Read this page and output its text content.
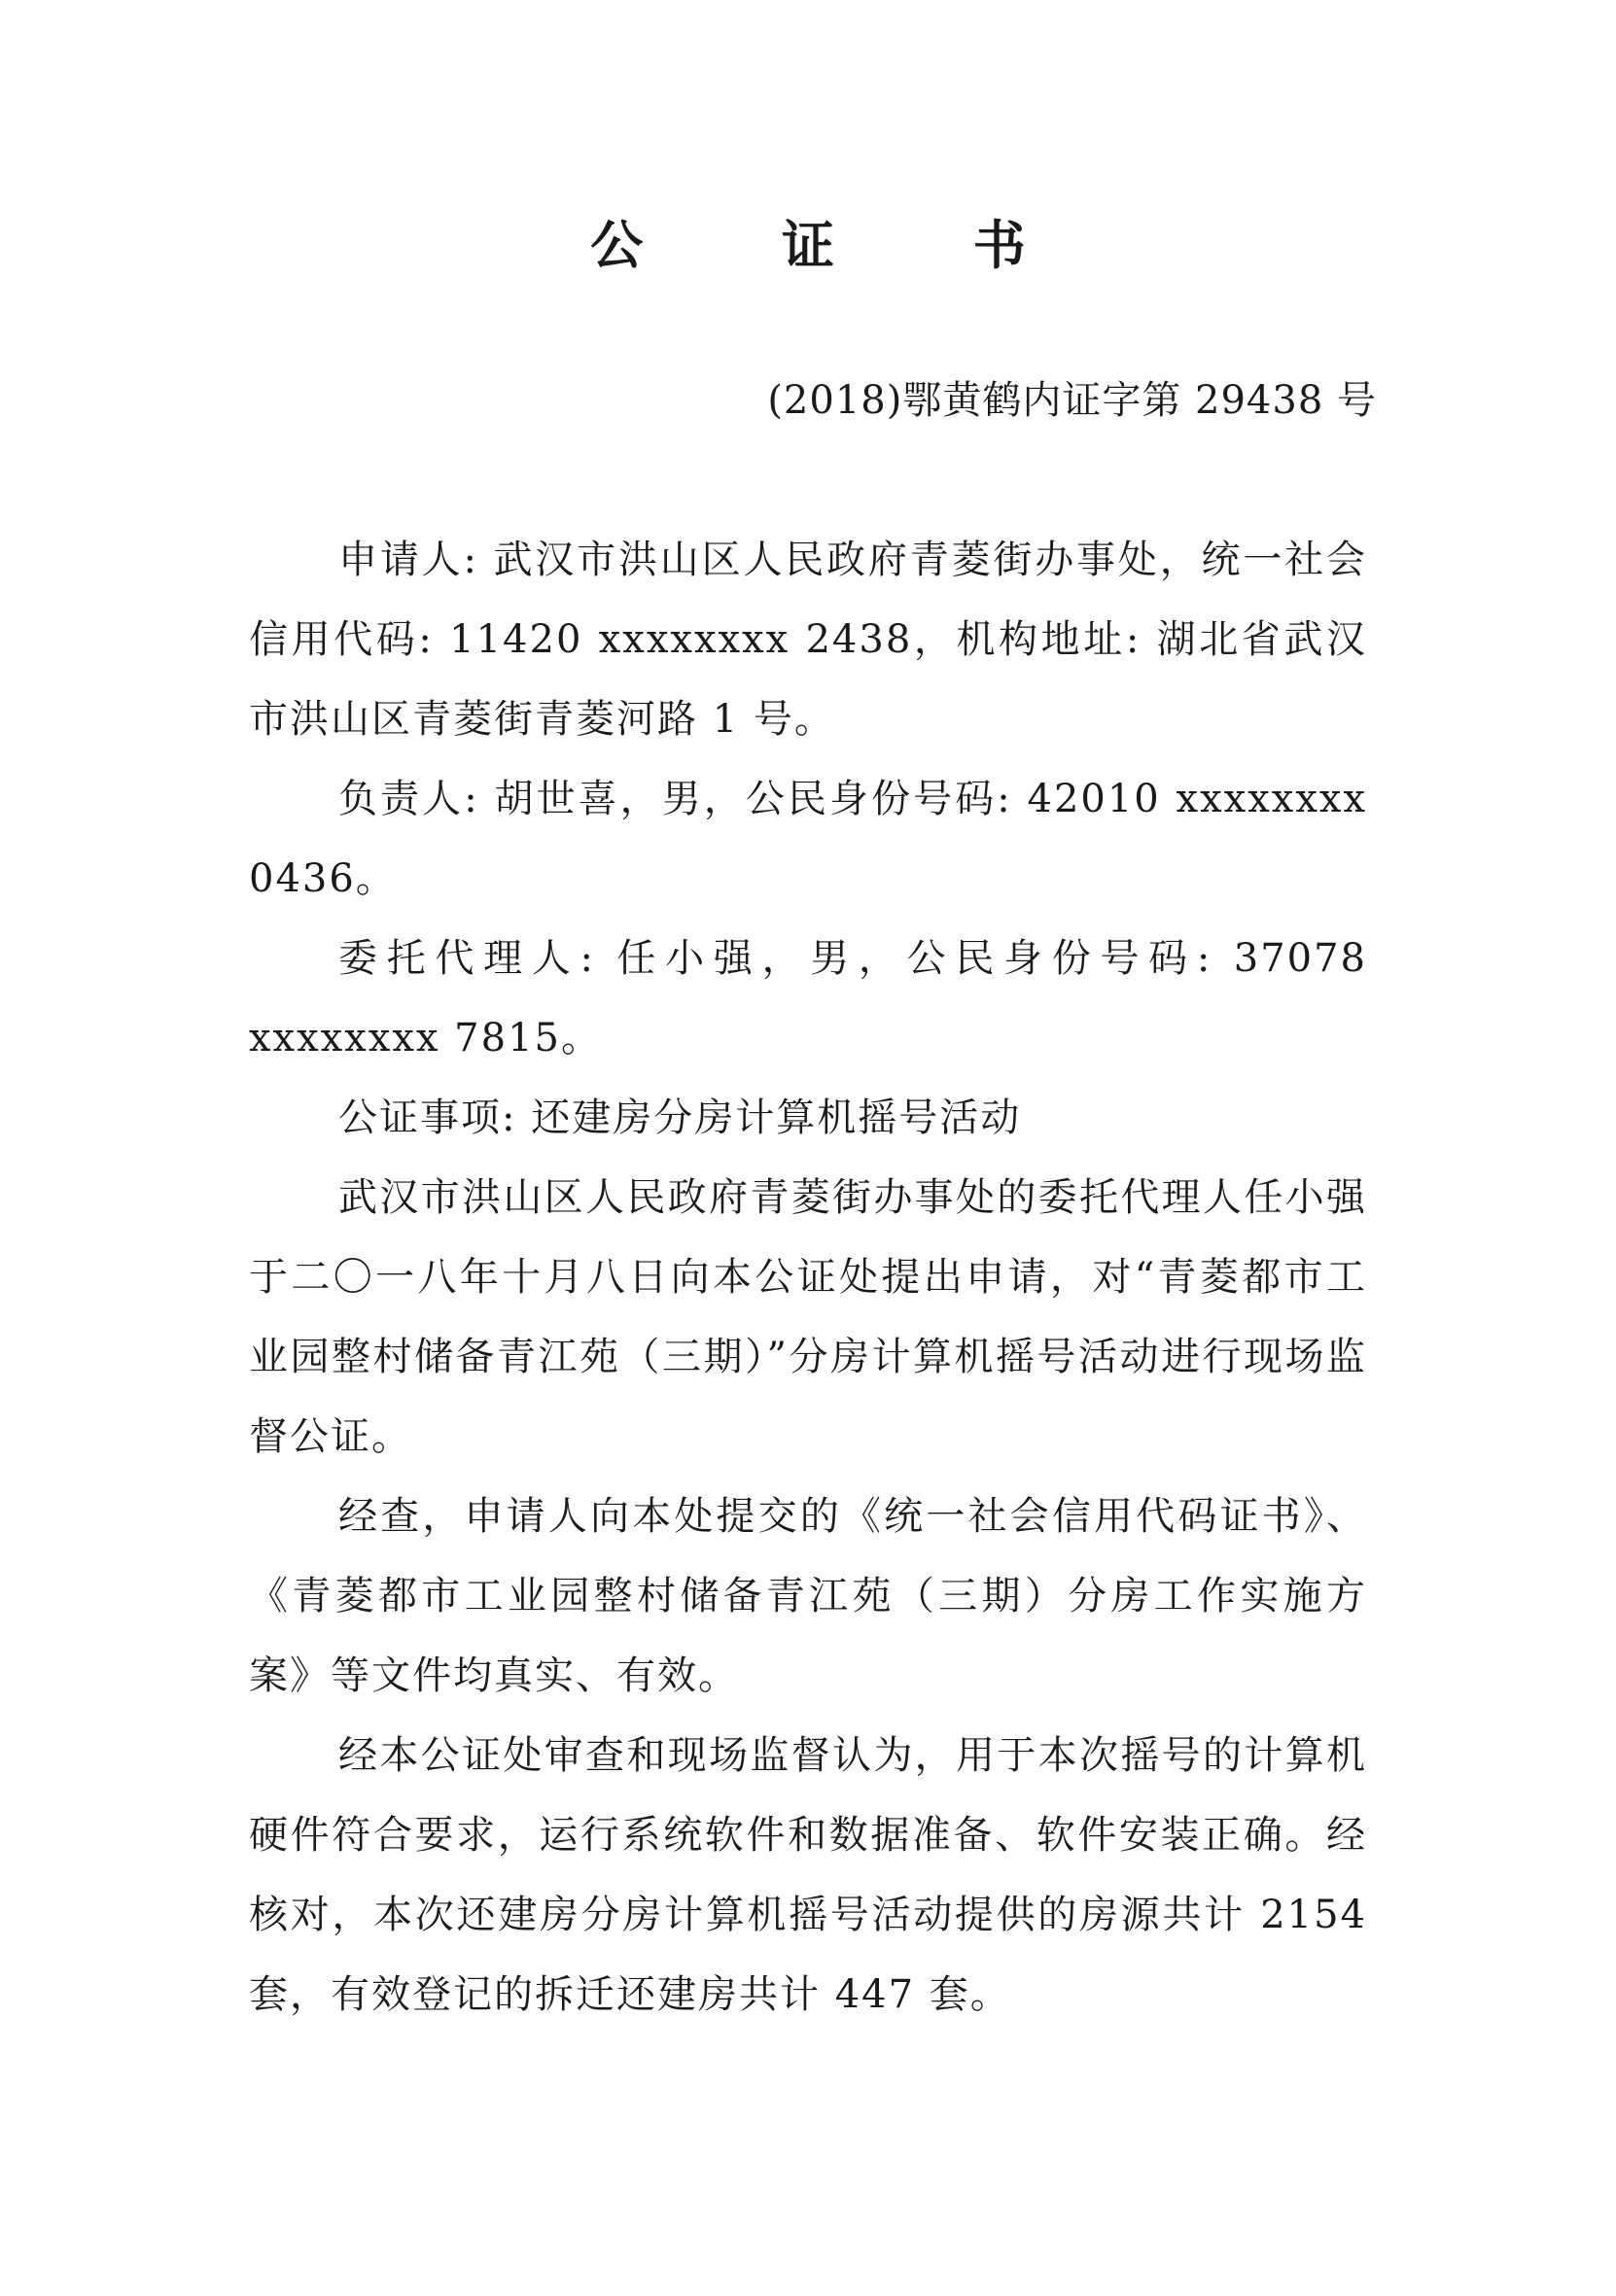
公 证 书
(2018)鄂黄鹤内证字第 29438 号

申请人: 武汉市洪山区人民政府青菱街办事处，统一社会信用代码: 11420 xxxxxxxx 2438，机构地址: 湖北省武汉市洪山区青菱街青菱河路 1 号。

负责人: 胡世喜，男，公民身份号码: 42010 xxxxxxxx 0436。

委托代理人: 任小强，男，公民身份号码: 37078 xxxxxxxx 7815。

公证事项: 还建房分房计算机摇号活动

武汉市洪山区人民政府青菱街办事处的委托代理人任小强于二〇一八年十月八日向本公证处提出申请，对“青菱都市工业园整村储备青江苑（三期）”分房计算机摇号活动进行现场监督公证。

经查，申请人向本处提交的《统一社会信用代码证书》、《青菱都市工业园整村储备青江苑（三期）分房工作实施方案》等文件均真实、有效。

经本公证处审查和现场监督认为，用于本次摇号的计算机硬件符合要求，运行系统软件和数据准备、软件安装正确。经核对，本次还建房分房计算机摇号活动提供的房源共计 2154 套，有效登记的拆迁还建房共计 447 套。
